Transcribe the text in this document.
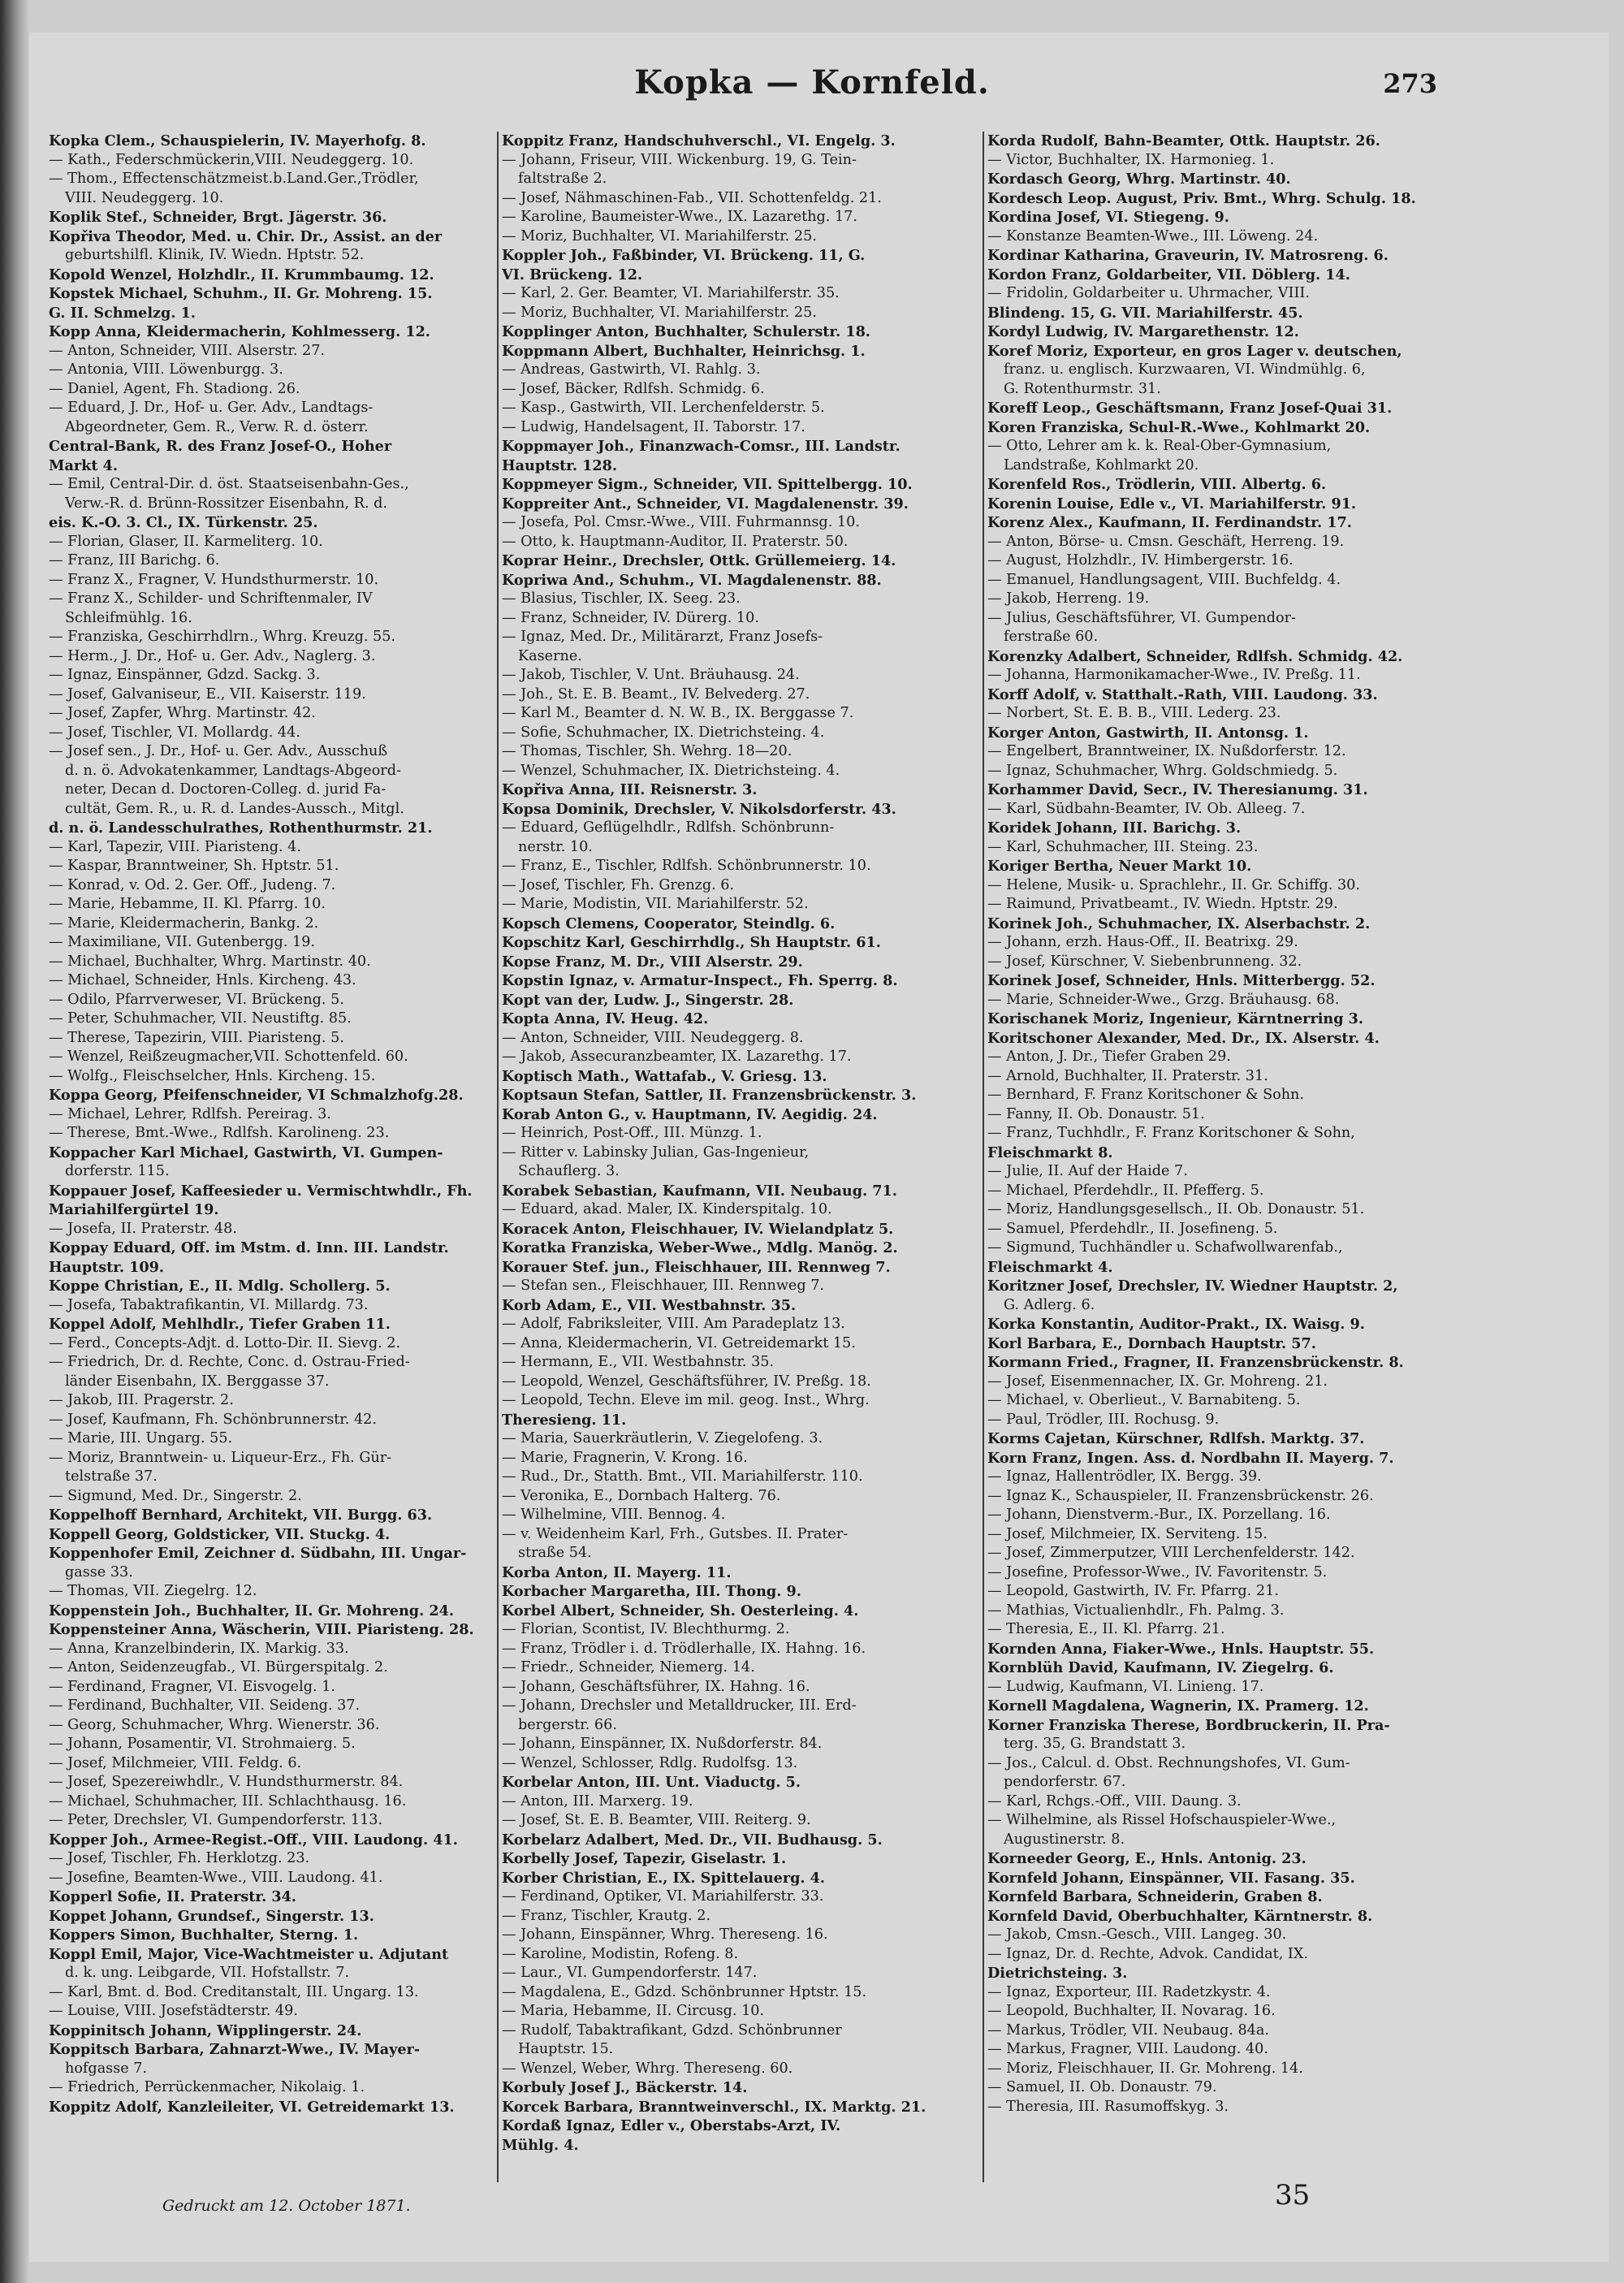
Kopka — Kornfeld.	273
Kopka Clem., Schauspielerin, IV. Mayerhofg. 8.
— Kath., Federschmückerin,VIII. Neudeggerg. 10.
— Thom., Effectenschätzmeist.b.Land.Ger.,Trödler,
VIII. Neudeggerg. 10.
Koplik Stef., Schneider, Brgt. Jägerstr. 36.
Kopřiva Theodor, Med. u. Chir. Dr., Assist. an der
geburtshilfl. Klinik, IV. Wiedn. Hptstr. 52.
Kopold Wenzel, Holzhdlr., II. Krummbaumg. 12.
Kopstek Michael, Schuhm., II. Gr. Mohreng. 15.
G. II. Schmelzg. 1.
Kopp Anna, Kleidermacherin, Kohlmesserg. 12.
— Anton, Schneider, VIII. Alserstr. 27.
— Antonia, VIII. Löwenburgg. 3.
— Daniel, Agent, Fh. Stadiong. 26.
— Eduard, J. Dr., Hof- u. Ger. Adv., Landtags-
Abgeordneter, Gem. R., Verw. R. d. österr.
Central-Bank, R. des Franz Josef-O., Hoher
Markt 4.
— Emil, Central-Dir. d. öst. Staatseisenbahn-Ges.,
Verw.-R. d. Brünn-Rossitzer Eisenbahn, R. d.
eis. K.-O. 3. Cl., IX. Türkenstr. 25.
— Florian, Glaser, II. Karmeliterg. 10.
— Franz, III Barichg. 6.
— Franz X., Fragner, V. Hundsthurmerstr. 10.
— Franz X., Schilder- und Schriftenmaler, IV
Schleifmühlg. 16.
— Franziska, Geschirrhdlrn., Whrg. Kreuzg. 55.
— Herm., J. Dr., Hof- u. Ger. Adv., Naglerg. 3.
— Ignaz, Einspänner, Gdzd. Sackg. 3.
— Josef, Galvaniseur, E., VII. Kaiserstr. 119.
— Josef, Zapfer, Whrg. Martinstr. 42.
— Josef, Tischler, VI. Mollardg. 44.
— Josef sen., J. Dr., Hof- u. Ger. Adv., Ausschuß
d. n. ö. Advokatenkammer, Landtags-Abgeord-
neter, Decan d. Doctoren-Colleg. d. jurid Fa-
cultät, Gem. R., u. R. d. Landes-Aussch., Mitgl.
d. n. ö. Landesschulrathes, Rothenthurmstr. 21.
— Karl, Tapezir, VIII. Piaristeng. 4.
— Kaspar, Branntweiner, Sh. Hptstr. 51.
— Konrad, v. Od. 2. Ger. Off., Judeng. 7.
— Marie, Hebamme, II. Kl. Pfarrg. 10.
— Marie, Kleidermacherin, Bankg. 2.
— Maximiliane, VII. Gutenbergg. 19.
— Michael, Buchhalter, Whrg. Martinstr. 40.
— Michael, Schneider, Hnls. Kircheng. 43.
— Odilo, Pfarrverweser, VI. Brückeng. 5.
— Peter, Schuhmacher, VII. Neustiftg. 85.
— Therese, Tapezirin, VIII. Piaristeng. 5.
— Wenzel, Reißzeugmacher,VII. Schottenfeld. 60.
— Wolfg., Fleischselcher, Hnls. Kircheng. 15.
Koppa Georg, Pfeifenschneider, VI Schmalzhofg.28.
— Michael, Lehrer, Rdlfsh. Pereirag. 3.
— Therese, Bmt.-Wwe., Rdlfsh. Karolineng. 23.
Koppacher Karl Michael, Gastwirth, VI. Gumpen-
dorferstr. 115.
Koppauer Josef, Kaffeesieder u. Vermischtwhdlr., Fh.
Mariahilfergürtel 19.
— Josefa, II. Praterstr. 48.
Koppay Eduard, Off. im Mstm. d. Inn. III. Landstr.
Hauptstr. 109.
Koppe Christian, E., II. Mdlg. Schollerg. 5.
— Josefa, Tabaktrafikantin, VI. Millardg. 73.
Koppel Adolf, Mehlhdlr., Tiefer Graben 11.
— Ferd., Concepts-Adjt. d. Lotto-Dir. II. Sievg. 2.
— Friedrich, Dr. d. Rechte, Conc. d. Ostrau-Fried-
länder Eisenbahn, IX. Berggasse 37.
— Jakob, III. Pragerstr. 2.
— Josef, Kaufmann, Fh. Schönbrunnerstr. 42.
— Marie, III. Ungarg. 55.
— Moriz, Branntwein- u. Liqueur-Erz., Fh. Gür-
telstraße 37.
— Sigmund, Med. Dr., Singerstr. 2.
Koppelhoff Bernhard, Architekt, VII. Burgg. 63.
Koppell Georg, Goldsticker, VII. Stuckg. 4.
Koppenhofer Emil, Zeichner d. Südbahn, III. Ungar-
gasse 33.
— Thomas, VII. Ziegelrg. 12.
Koppenstein Joh., Buchhalter, II. Gr. Mohreng. 24.
Koppensteiner Anna, Wäscherin, VIII. Piaristeng. 28.
— Anna, Kranzelbinderin, IX. Markig. 33.
— Anton, Seidenzeugfab., VI. Bürgerspitalg. 2.
— Ferdinand, Fragner, VI. Eisvogelg. 1.
— Ferdinand, Buchhalter, VII. Seideng. 37.
— Georg, Schuhmacher, Whrg. Wienerstr. 36.
— Johann, Posamentir, VI. Strohmaierg. 5.
— Josef, Milchmeier, VIII. Feldg. 6.
— Josef, Spezereiwhdlr., V. Hundsthurmerstr. 84.
— Michael, Schuhmacher, III. Schlachthausg. 16.
— Peter, Drechsler, VI. Gumpendorferstr. 113.
Kopper Joh., Armee-Regist.-Off., VIII. Laudong. 41.
— Josef, Tischler, Fh. Herklotzg. 23.
— Josefine, Beamten-Wwe., VIII. Laudong. 41.
Kopperl Sofie, II. Praterstr. 34.
Koppet Johann, Grundsef., Singerstr. 13.
Koppers Simon, Buchhalter, Sterng. 1.
Koppl Emil, Major, Vice-Wachtmeister u. Adjutant
d. k. ung. Leibgarde, VII. Hofstallstr. 7.
— Karl, Bmt. d. Bod. Creditanstalt, III. Ungarg. 13.
— Louise, VIII. Josefstädterstr. 49.
Koppinitsch Johann, Wipplingerstr. 24.
Koppitsch Barbara, Zahnarzt-Wwe., IV. Mayer-
hofgasse 7.
— Friedrich, Perrückenmacher, Nikolaig. 1.
Koppitz Adolf, Kanzleileiter, VI. Getreidemarkt 13.
Koppitz Franz, Handschuhverschl., VI. Engelg. 3.
— Johann, Friseur, VIII. Wickenburg. 19, G. Tein-
faltstraße 2.
— Josef, Nähmaschinen-Fab., VII. Schottenfeldg. 21.
— Karoline, Baumeister-Wwe., IX. Lazarethg. 17.
— Moriz, Buchhalter, VI. Mariahilferstr. 25.
Koppler Joh., Faßbinder, VI. Brückeng. 11, G.
VI. Brückeng. 12.
— Karl, 2. Ger. Beamter, VI. Mariahilferstr. 35.
— Moriz, Buchhalter, VI. Mariahilferstr. 25.
Kopplinger Anton, Buchhalter, Schulerstr. 18.
Koppmann Albert, Buchhalter, Heinrichsg. 1.
— Andreas, Gastwirth, VI. Rahlg. 3.
— Josef, Bäcker, Rdlfsh. Schmidg. 6.
— Kasp., Gastwirth, VII. Lerchenfelderstr. 5.
— Ludwig, Handelsagent, II. Taborstr. 17.
Koppmayer Joh., Finanzwach-Comsr., III. Landstr.
Hauptstr. 128.
Koppmeyer Sigm., Schneider, VII. Spittelbergg. 10.
Koppreiter Ant., Schneider, VI. Magdalenenstr. 39.
— Josefa, Pol. Cmsr.-Wwe., VIII. Fuhrmannsg. 10.
— Otto, k. Hauptmann-Auditor, II. Praterstr. 50.
Koprar Heinr., Drechsler, Ottk. Grüllemeierg. 14.
Kopriwa And., Schuhm., VI. Magdalenenstr. 88.
— Blasius, Tischler, IX. Seeg. 23.
— Franz, Schneider, IV. Dürerg. 10.
— Ignaz, Med. Dr., Militärarzt, Franz Josefs-
Kaserne.
— Jakob, Tischler, V. Unt. Bräuhausg. 24.
— Joh., St. E. B. Beamt., IV. Belvederg. 27.
— Karl M., Beamter d. N. W. B., IX. Berggasse 7.
— Sofie, Schuhmacher, IX. Dietrichsteing. 4.
— Thomas, Tischler, Sh. Wehrg. 18—20.
— Wenzel, Schuhmacher, IX. Dietrichsteing. 4.
Kopřiva Anna, III. Reisnerstr. 3.
Kopsa Dominik, Drechsler, V. Nikolsdorferstr. 43.
— Eduard, Geflügelhdlr., Rdlfsh. Schönbrunn-
nerstr. 10.
— Franz, E., Tischler, Rdlfsh. Schönbrunnerstr. 10.
— Josef, Tischler, Fh. Grenzg. 6.
— Marie, Modistin, VII. Mariahilferstr. 52.
Kopsch Clemens, Cooperator, Steindlg. 6.
Kopschitz Karl, Geschirrhdlg., Sh Hauptstr. 61.
Kopse Franz, M. Dr., VIII Alserstr. 29.
Kopstin Ignaz, v. Armatur-Inspect., Fh. Sperrg. 8.
Kopt van der, Ludw. J., Singerstr. 28.
Kopta Anna, IV. Heug. 42.
— Anton, Schneider, VIII. Neudeggerg. 8.
— Jakob, Assecuranzbeamter, IX. Lazarethg. 17.
Koptisch Math., Wattafab., V. Griesg. 13.
Koptsaun Stefan, Sattler, II. Franzensbrückenstr. 3.
Korab Anton G., v. Hauptmann, IV. Aegidig. 24.
— Heinrich, Post-Off., III. Münzg. 1.
— Ritter v. Labinsky Julian, Gas-Ingenieur,
Schauflerg. 3.
Korabek Sebastian, Kaufmann, VII. Neubaug. 71.
— Eduard, akad. Maler, IX. Kinderspitalg. 10.
Koracek Anton, Fleischhauer, IV. Wielandplatz 5.
Koratka Franziska, Weber-Wwe., Mdlg. Manög. 2.
Korauer Stef. jun., Fleischhauer, III. Rennweg 7.
— Stefan sen., Fleischhauer, III. Rennweg 7.
Korb Adam, E., VII. Westbahnstr. 35.
— Adolf, Fabriksleiter, VIII. Am Paradeplatz 13.
— Anna, Kleidermacherin, VI. Getreidemarkt 15.
— Hermann, E., VII. Westbahnstr. 35.
— Leopold, Wenzel, Geschäftsführer, IV. Preßg. 18.
— Leopold, Techn. Eleve im mil. geog. Inst., Whrg.
Theresieng. 11.
— Maria, Sauerkräutlerin, V. Ziegelofeng. 3.
— Marie, Fragnerin, V. Krong. 16.
— Rud., Dr., Statth. Bmt., VII. Mariahilferstr. 110.
— Veronika, E., Dornbach Halterg. 76.
— Wilhelmine, VIII. Bennog. 4.
— v. Weidenheim Karl, Frh., Gutsbes. II. Prater-
straße 54.
Korba Anton, II. Mayerg. 11.
Korbacher Margaretha, III. Thong. 9.
Korbel Albert, Schneider, Sh. Oesterleing. 4.
— Florian, Scontist, IV. Blechthurmg. 2.
— Franz, Trödler i. d. Trödlerhalle, IX. Hahng. 16.
— Friedr., Schneider, Niemerg. 14.
— Johann, Geschäftsführer, IX. Hahng. 16.
— Johann, Drechsler und Metalldrucker, III. Erd-
bergerstr. 66.
— Johann, Einspänner, IX. Nußdorferstr. 84.
— Wenzel, Schlosser, Rdlg. Rudolfsg. 13.
Korbelar Anton, III. Unt. Viaductg. 5.
— Anton, III. Marxerg. 19.
— Josef, St. E. B. Beamter, VIII. Reiterg. 9.
Korbelarz Adalbert, Med. Dr., VII. Budhausg. 5.
Korbelly Josef, Tapezir, Giselastr. 1.
Korber Christian, E., IX. Spittelauerg. 4.
— Ferdinand, Optiker, VI. Mariahilferstr. 33.
— Franz, Tischler, Krautg. 2.
— Johann, Einspänner, Whrg. Thereseng. 16.
— Karoline, Modistin, Rofeng. 8.
— Laur., VI. Gumpendorferstr. 147.
— Magdalena, E., Gdzd. Schönbrunner Hptstr. 15.
— Maria, Hebamme, II. Circusg. 10.
— Rudolf, Tabaktrafikant, Gdzd. Schönbrunner
Hauptstr. 15.
— Wenzel, Weber, Whrg. Thereseng. 60.
Korbuly Josef J., Bäckerstr. 14.
Korcek Barbara, Branntweinverschl., IX. Marktg. 21.
Kordaß Ignaz, Edler v., Oberstabs-Arzt, IV.
Mühlg. 4.
Korda Rudolf, Bahn-Beamter, Ottk. Hauptstr. 26.
— Victor, Buchhalter, IX. Harmonieg. 1.
Kordasch Georg, Whrg. Martinstr. 40.
Kordesch Leop. August, Priv. Bmt., Whrg. Schulg. 18.
Kordina Josef, VI. Stiegeng. 9.
— Konstanze Beamten-Wwe., III. Löweng. 24.
Kordinar Katharina, Graveurin, IV. Matrosreng. 6.
Kordon Franz, Goldarbeiter, VII. Döblerg. 14.
— Fridolin, Goldarbeiter u. Uhrmacher, VIII.
Blindeng. 15, G. VII. Mariahilferstr. 45.
Kordyl Ludwig, IV. Margarethenstr. 12.
Koref Moriz, Exporteur, en gros Lager v. deutschen,
franz. u. englisch. Kurzwaaren, VI. Windmühlg. 6,
G. Rotenthurmstr. 31.
Koreff Leop., Geschäftsmann, Franz Josef-Quai 31.
Koren Franziska, Schul-R.-Wwe., Kohlmarkt 20.
— Otto, Lehrer am k. k. Real-Ober-Gymnasium,
Landstraße, Kohlmarkt 20.
Korenfeld Ros., Trödlerin, VIII. Albertg. 6.
Korenin Louise, Edle v., VI. Mariahilferstr. 91.
Korenz Alex., Kaufmann, II. Ferdinandstr. 17.
— Anton, Börse- u. Cmsn. Geschäft, Herreng. 19.
— August, Holzhdlr., IV. Himbergerstr. 16.
— Emanuel, Handlungsagent, VIII. Buchfeldg. 4.
— Jakob, Herreng. 19.
— Julius, Geschäftsführer, VI. Gumpendor-
ferstraße 60.
Korenzky Adalbert, Schneider, Rdlfsh. Schmidg. 42.
— Johanna, Harmonikamacher-Wwe., IV. Preßg. 11.
Korff Adolf, v. Statthalt.-Rath, VIII. Laudong. 33.
— Norbert, St. E. B. B., VIII. Lederg. 23.
Korger Anton, Gastwirth, II. Antonsg. 1.
— Engelbert, Branntweiner, IX. Nußdorferstr. 12.
— Ignaz, Schuhmacher, Whrg. Goldschmiedg. 5.
Korhammer David, Secr., IV. Theresianumg. 31.
— Karl, Südbahn-Beamter, IV. Ob. Alleeg. 7.
Koridek Johann, III. Barichg. 3.
— Karl, Schuhmacher, III. Steing. 23.
Koriger Bertha, Neuer Markt 10.
— Helene, Musik- u. Sprachlehr., II. Gr. Schiffg. 30.
— Raimund, Privatbeamt., IV. Wiedn. Hptstr. 29.
Korinek Joh., Schuhmacher, IX. Alserbachstr. 2.
— Johann, erzh. Haus-Off., II. Beatrixg. 29.
— Josef, Kürschner, V. Siebenbrunneng. 32.
Korinek Josef, Schneider, Hnls. Mitterbergg. 52.
— Marie, Schneider-Wwe., Grzg. Bräuhausg. 68.
Korischanek Moriz, Ingenieur, Kärntnerring 3.
Koritschoner Alexander, Med. Dr., IX. Alserstr. 4.
— Anton, J. Dr., Tiefer Graben 29.
— Arnold, Buchhalter, II. Praterstr. 31.
— Bernhard, F. Franz Koritschoner & Sohn.
— Fanny, II. Ob. Donaustr. 51.
— Franz, Tuchhdlr., F. Franz Koritschoner & Sohn,
Fleischmarkt 8.
— Julie, II. Auf der Haide 7.
— Michael, Pferdehdlr., II. Pfefferg. 5.
— Moriz, Handlungsgesellsch., II. Ob. Donaustr. 51.
— Samuel, Pferdehdlr., II. Josefineng. 5.
— Sigmund, Tuchhändler u. Schafwollwarenfab.,
Fleischmarkt 4.
Koritzner Josef, Drechsler, IV. Wiedner Hauptstr. 2,
G. Adlerg. 6.
Korka Konstantin, Auditor-Prakt., IX. Waisg. 9.
Korl Barbara, E., Dornbach Hauptstr. 57.
Kormann Fried., Fragner, II. Franzensbrückenstr. 8.
— Josef, Eisenmennacher, IX. Gr. Mohreng. 21.
— Michael, v. Oberlieut., V. Barnabiteng. 5.
— Paul, Trödler, III. Rochusg. 9.
Korms Cajetan, Kürschner, Rdlfsh. Marktg. 37.
Korn Franz, Ingen. Ass. d. Nordbahn II. Mayerg. 7.
— Ignaz, Hallentrödler, IX. Bergg. 39.
— Ignaz K., Schauspieler, II. Franzensbrückenstr. 26.
— Johann, Dienstverm.-Bur., IX. Porzellang. 16.
— Josef, Milchmeier, IX. Serviteng. 15.
— Josef, Zimmerputzer, VIII Lerchenfelderstr. 142.
— Josefine, Professor-Wwe., IV. Favoritenstr. 5.
— Leopold, Gastwirth, IV. Fr. Pfarrg. 21.
— Mathias, Victualienhdlr., Fh. Palmg. 3.
— Theresia, E., II. Kl. Pfarrg. 21.
Kornden Anna, Fiaker-Wwe., Hnls. Hauptstr. 55.
Kornblüh David, Kaufmann, IV. Ziegelrg. 6.
— Ludwig, Kaufmann, VI. Linieng. 17.
Kornell Magdalena, Wagnerin, IX. Pramerg. 12.
Korner Franziska Therese, Bordbruckerin, II. Pra-
terg. 35, G. Brandstatt 3.
— Jos., Calcul. d. Obst. Rechnungshofes, VI. Gum-
pendorferstr. 67.
— Karl, Rchgs.-Off., VIII. Daung. 3.
— Wilhelmine, als Rissel Hofschauspieler-Wwe.,
Augustinerstr. 8.
Korneeder Georg, E., Hnls. Antonig. 23.
Kornfeld Johann, Einspänner, VII. Fasang. 35.
Kornfeld Barbara, Schneiderin, Graben 8.
Kornfeld David, Oberbuchhalter, Kärntnerstr. 8.
— Jakob, Cmsn.-Gesch., VIII. Langeg. 30.
— Ignaz, Dr. d. Rechte, Advok. Candidat, IX.
Dietrichsteing. 3.
— Ignaz, Exporteur, III. Radetzkystr. 4.
— Leopold, Buchhalter, II. Novarag. 16.
— Markus, Trödler, VII. Neubaug. 84a.
— Markus, Fragner, VIII. Laudong. 40.
— Moriz, Fleischhauer, II. Gr. Mohreng. 14.
— Samuel, II. Ob. Donaustr. 79.
— Theresia, III. Rasumoffskyg. 3.
Gedruckt am 12. October 1871.	35
